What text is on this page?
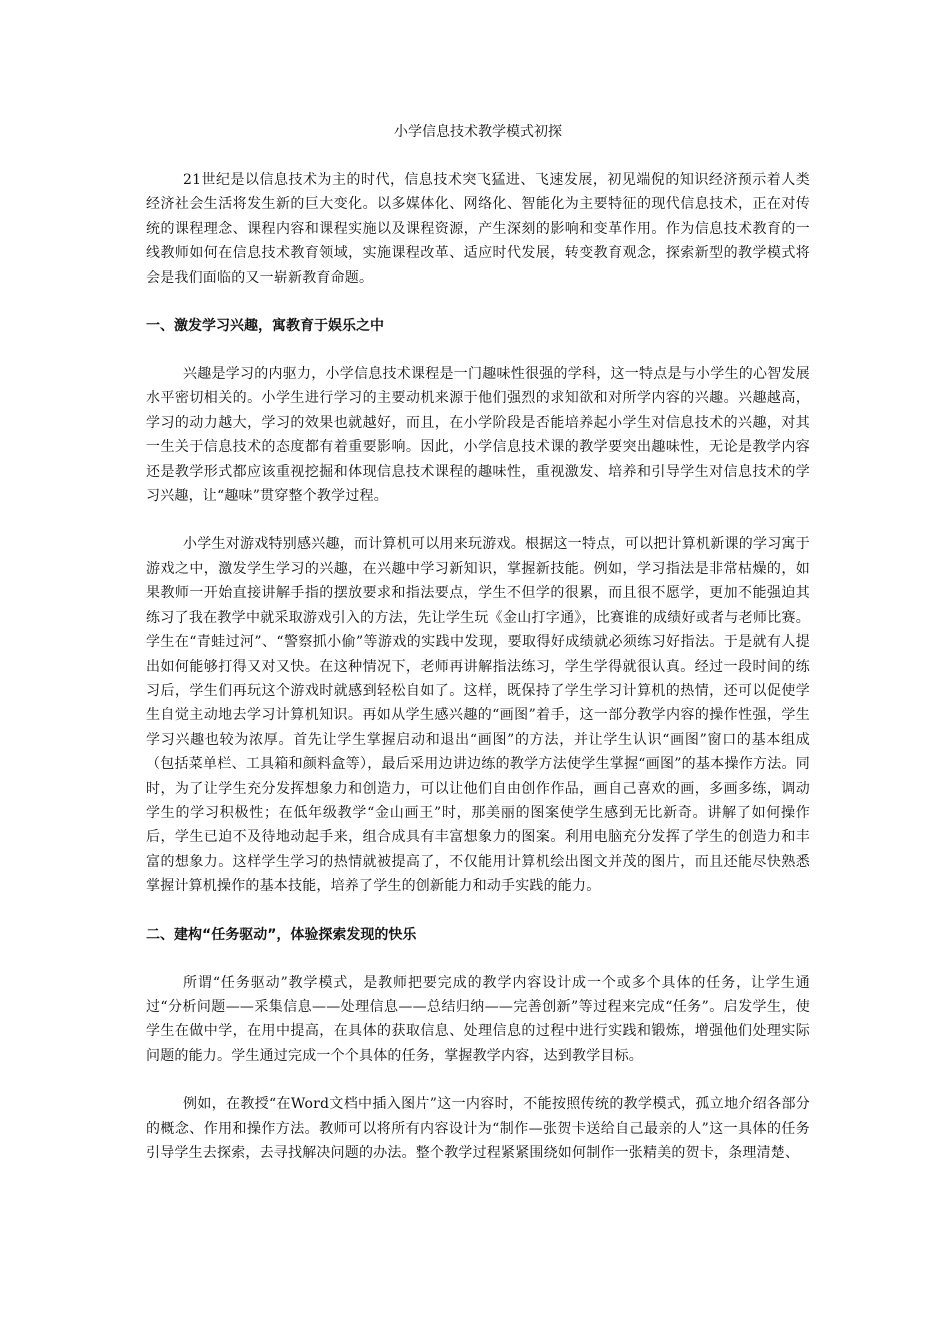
小学信息技术教学模式初探

21世纪是以信息技术为主的时代，信息技术突飞猛进、飞速发展，初见端倪的知识经济预示着人类经济社会生活将发生新的巨大变化。以多媒体化、网络化、智能化为主要特征的现代信息技术，正在对传统的课程理念、课程内容和课程实施以及课程资源，产生深刻的影响和变革作用。作为信息技术教育的一线教师如何在信息技术教育领域，实施课程改革、适应时代发展，转变教育观念，探索新型的教学模式将会是我们面临的又一崭新教育命题。

一、激发学习兴趣，寓教育于娱乐之中

兴趣是学习的内驱力，小学信息技术课程是一门趣味性很强的学科，这一特点是与小学生的心智发展水平密切相关的。小学生进行学习的主要动机来源于他们强烈的求知欲和对所学内容的兴趣。兴趣越高，学习的动力越大，学习的效果也就越好，而且，在小学阶段是否能培养起小学生对信息技术的兴趣，对其一生关于信息技术的态度都有着重要影响。因此，小学信息技术课的教学要突出趣味性，无论是教学内容还是教学形式都应该重视挖掘和体现信息技术课程的趣味性，重视激发、培养和引导学生对信息技术的学习兴趣，让“趣味”贯穿整个教学过程。

小学生对游戏特别感兴趣，而计算机可以用来玩游戏。根据这一特点，可以把计算机新课的学习寓于游戏之中，激发学生学习的兴趣，在兴趣中学习新知识，掌握新技能。例如，学习指法是非常枯燥的，如果教师一开始直接讲解手指的摆放要求和指法要点，学生不但学的很累，而且很不愿学，更加不能强迫其练习了我在教学中就采取游戏引入的方法，先让学生玩《金山打字通》，比赛谁的成绩好或者与老师比赛。学生在“青蛙过河”、“警察抓小偷”等游戏的实践中发现，要取得好成绩就必须练习好指法。于是就有人提出如何能够打得又对又快。在这种情况下，老师再讲解指法练习，学生学得就很认真。经过一段时间的练习后，学生们再玩这个游戏时就感到轻松自如了。这样，既保持了学生学习计算机的热情，还可以促使学生自觉主动地去学习计算机知识。再如从学生感兴趣的“画图”着手，这一部分教学内容的操作性强，学生学习兴趣也较为浓厚。首先让学生掌握启动和退出“画图”的方法，并让学生认识“画图”窗口的基本组成（包括菜单栏、工具箱和颜料盒等），最后采用边讲边练的教学方法使学生掌握“画图”的基本操作方法。同时，为了让学生充分发挥想象力和创造力，可以让他们自由创作作品，画自己喜欢的画，多画多练，调动学生的学习积极性；在低年级教学“金山画王”时，那美丽的图案使学生感到无比新奇。讲解了如何操作后，学生已迫不及待地动起手来，组合成具有丰富想象力的图案。利用电脑充分发挥了学生的创造力和丰富的想象力。这样学生学习的热情就被提高了，不仅能用计算机绘出图文并茂的图片，而且还能尽快熟悉掌握计算机操作的基本技能，培养了学生的创新能力和动手实践的能力。

二、建构“任务驱动”，体验探索发现的快乐

所谓“任务驱动”教学模式，是教师把要完成的教学内容设计成一个或多个具体的任务，让学生通过“分析问题——采集信息——处理信息——总结归纳——完善创新”等过程来完成“任务”。启发学生，使学生在做中学，在用中提高，在具体的获取信息、处理信息的过程中进行实践和锻炼，增强他们处理实际问题的能力。学生通过完成一个个具体的任务，掌握教学内容，达到教学目标。

例如，在教授“在Word文档中插入图片”这一内容时，不能按照传统的教学模式，孤立地介绍各部分的概念、作用和操作方法。教师可以将所有内容设计为“制作—张贺卡送给自己最亲的人”这一具体的任务引导学生去探索，去寻找解决问题的办法。整个教学过程紧紧围绕如何制作一张精美的贺卡，条理清楚、
